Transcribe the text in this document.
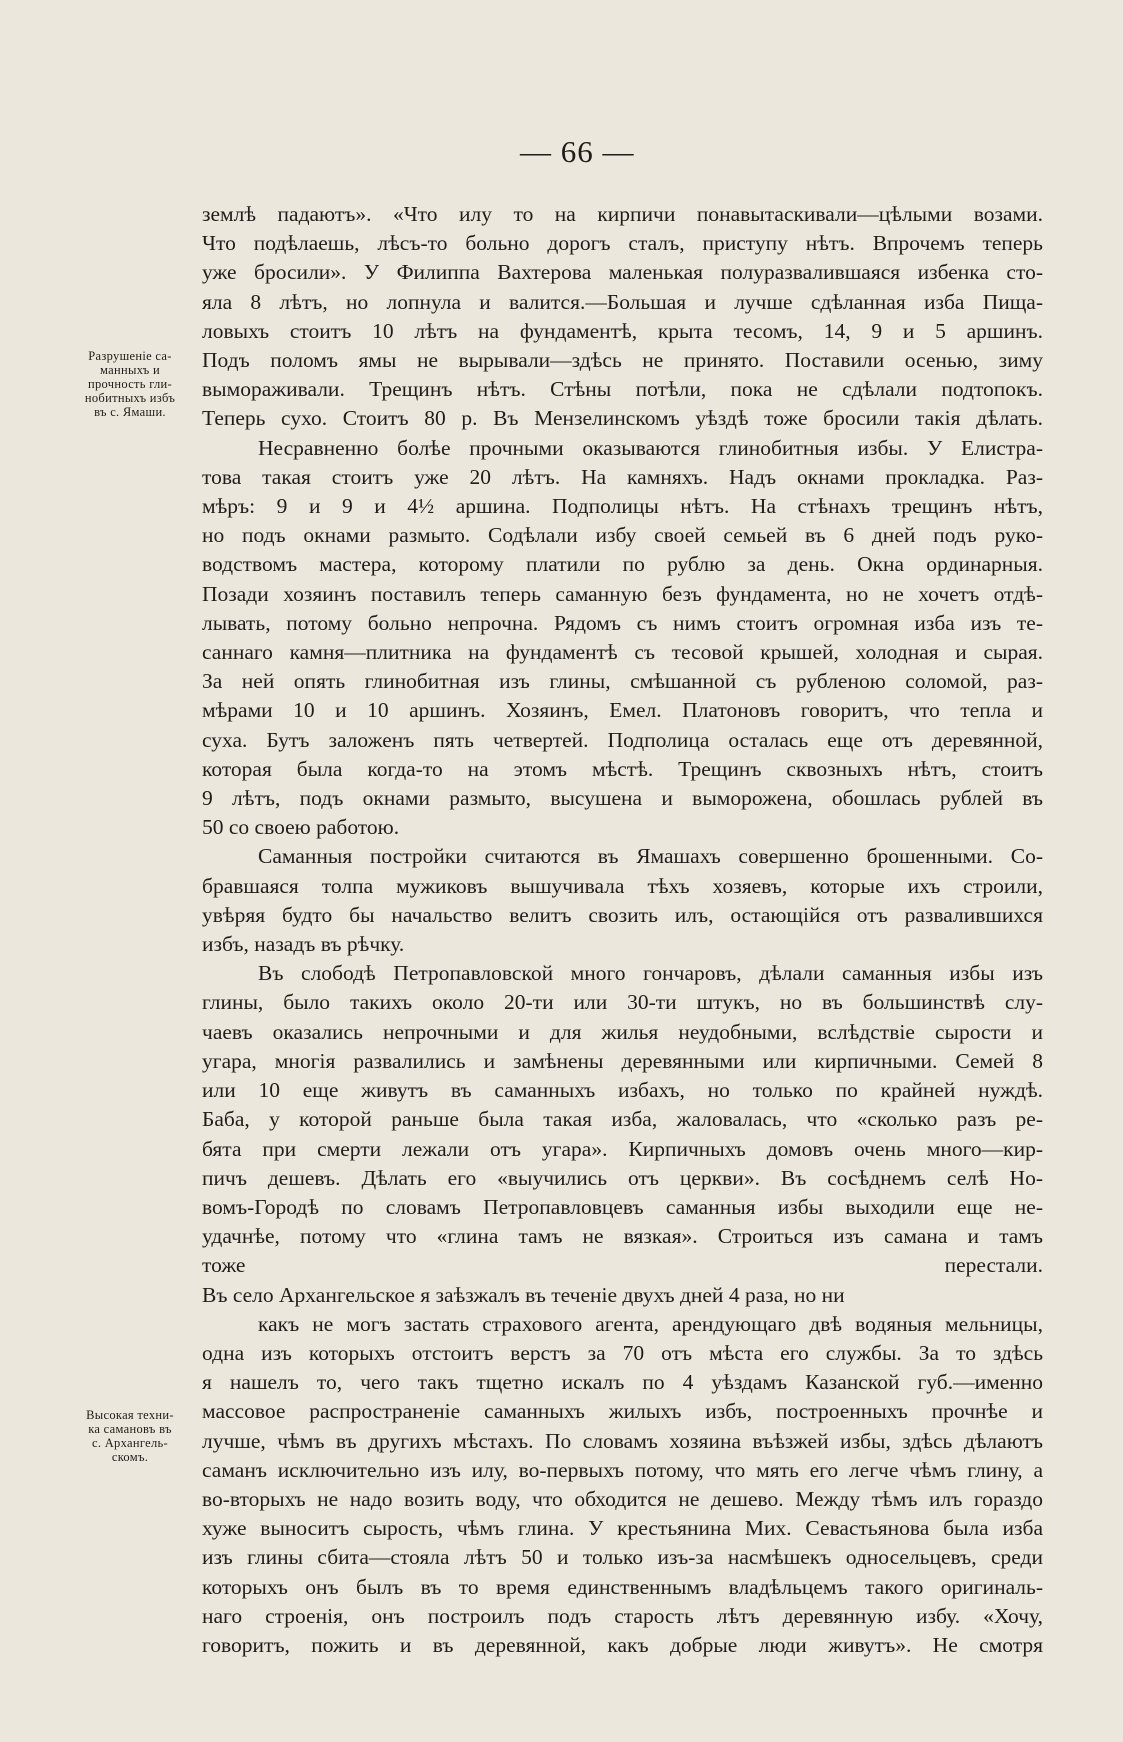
— 66 —
Разрушеніе са-
манныхъ и
прочность гли-
нобитныхъ избъ
въ с. Ямаши.
Высокая техни-
ка самановъ въ
с. Архангель-
скомъ.
землѣ падаютъ». «Что илу то на кирпичи понавытаскивали—цѣлыми возами.
Что подѣлаешь, лѣсъ-то больно дорогъ сталъ, приступу нѣтъ. Впрочемъ теперь
уже бросили». У Филиппа Вахтерова маленькая полуразвалившаяся избенка сто-
яла 8 лѣтъ, но лопнула и валится.—Большая и лучше сдѣланная изба Пища-
ловыхъ стоитъ 10 лѣтъ на фундаментѣ, крыта тесомъ, 14, 9 и 5 аршинъ.
Подъ поломъ ямы не вырывали—здѣсь не принято. Поставили осенью, зиму
вымораживали. Трещинъ нѣтъ. Стѣны потѣли, пока не сдѣлали подтопокъ.
Теперь сухо. Стоитъ 80 р. Въ Мензелинскомъ уѣздѣ тоже бросили такія дѣлать.
Несравненно болѣе прочными оказываются глинобитныя избы. У Елистра-
това такая стоитъ уже 20 лѣтъ. На камняхъ. Надъ окнами прокладка. Раз-
мѣръ: 9 и 9 и 4½ аршина. Подполицы нѣтъ. На стѣнахъ трещинъ нѣтъ,
но подъ окнами размыто. Содѣлали избу своей семьей въ 6 дней подъ руко-
водствомъ мастера, которому платили по рублю за день. Окна ординарныя.
Позади хозяинъ поставилъ теперь саманную безъ фундамента, но не хочетъ отдѣ-
лывать, потому больно непрочна. Рядомъ съ нимъ стоитъ огромная изба изъ те-
саннаго камня—плитника на фундаментѣ съ тесовой крышей, холодная и сырая.
За ней опять глинобитная изъ глины, смѣшанной съ рубленою соломой, раз-
мѣрами 10 и 10 аршинъ. Хозяинъ, Емел. Платоновъ говоритъ, что тепла и
суха. Бутъ заложенъ пять четвертей. Подполица осталась еще отъ деревянной,
которая была когда-то на этомъ мѣстѣ. Трещинъ сквозныхъ нѣтъ, стоитъ
9 лѣтъ, подъ окнами размыто, высушена и выморожена, обошлась рублей въ
50 со своею работою.
Саманныя постройки считаются въ Ямашахъ совершенно брошенными. Со-
бравшаяся толпа мужиковъ вышучивала тѣхъ хозяевъ, которые ихъ строили,
увѣряя будто бы начальство велитъ свозить илъ, остающійся отъ развалившихся
избъ, назадъ въ рѣчку.
Въ слободѣ Петропавловской много гончаровъ, дѣлали саманныя избы изъ
глины, было такихъ около 20-ти или 30-ти штукъ, но въ большинствѣ слу-
чаевъ оказались непрочными и для жилья неудобными, вслѣдствіе сырости и
угара, многія развалились и замѣнены деревянными или кирпичными. Семей 8
или 10 еще живутъ въ саманныхъ избахъ, но только по крайней нуждѣ.
Баба, у которой раньше была такая изба, жаловалась, что «сколько разъ ре-
бята при смерти лежали отъ угара». Кирпичныхъ домовъ очень много—кир-
пичъ дешевъ. Дѣлать его «выучились отъ церкви». Въ сосѣднемъ селѣ Но-
вомъ-Городѣ по словамъ Петропавловцевъ саманныя избы выходили еще не-
удачнѣе, потому что «глина тамъ не вязкая». Строиться изъ самана и тамъ
тоже перестали.
Въ село Архангельское я заѣзжалъ въ теченіе двухъ дней 4 раза, но ни
какъ не могъ застать страхового агента, арендующаго двѣ водяныя мельницы,
одна изъ которыхъ отстоитъ верстъ за 70 отъ мѣста его службы. За то здѣсь
я нашелъ то, чего такъ тщетно искалъ по 4 уѣздамъ Казанской губ.—именно
массовое распространеніе саманныхъ жилыхъ избъ, построенныхъ прочнѣе и
лучше, чѣмъ въ другихъ мѣстахъ. По словамъ хозяина въѣзжей избы, здѣсь дѣлаютъ
саманъ исключительно изъ илу, во-первыхъ потому, что мять его легче чѣмъ глину, а
во-вторыхъ не надо возить воду, что обходится не дешево. Между тѣмъ илъ гораздо
хуже выноситъ сырость, чѣмъ глина. У крестьянина Мих. Севастьянова была изба
изъ глины сбита—стояла лѣтъ 50 и только изъ-за насмѣшекъ односельцевъ, среди
которыхъ онъ былъ въ то время единственнымъ владѣльцемъ такого оригиналь-
наго строенія, онъ построилъ подъ старость лѣтъ деревянную избу. «Хочу,
говоритъ, пожить и въ деревянной, какъ добрые люди живутъ». Не смотря
